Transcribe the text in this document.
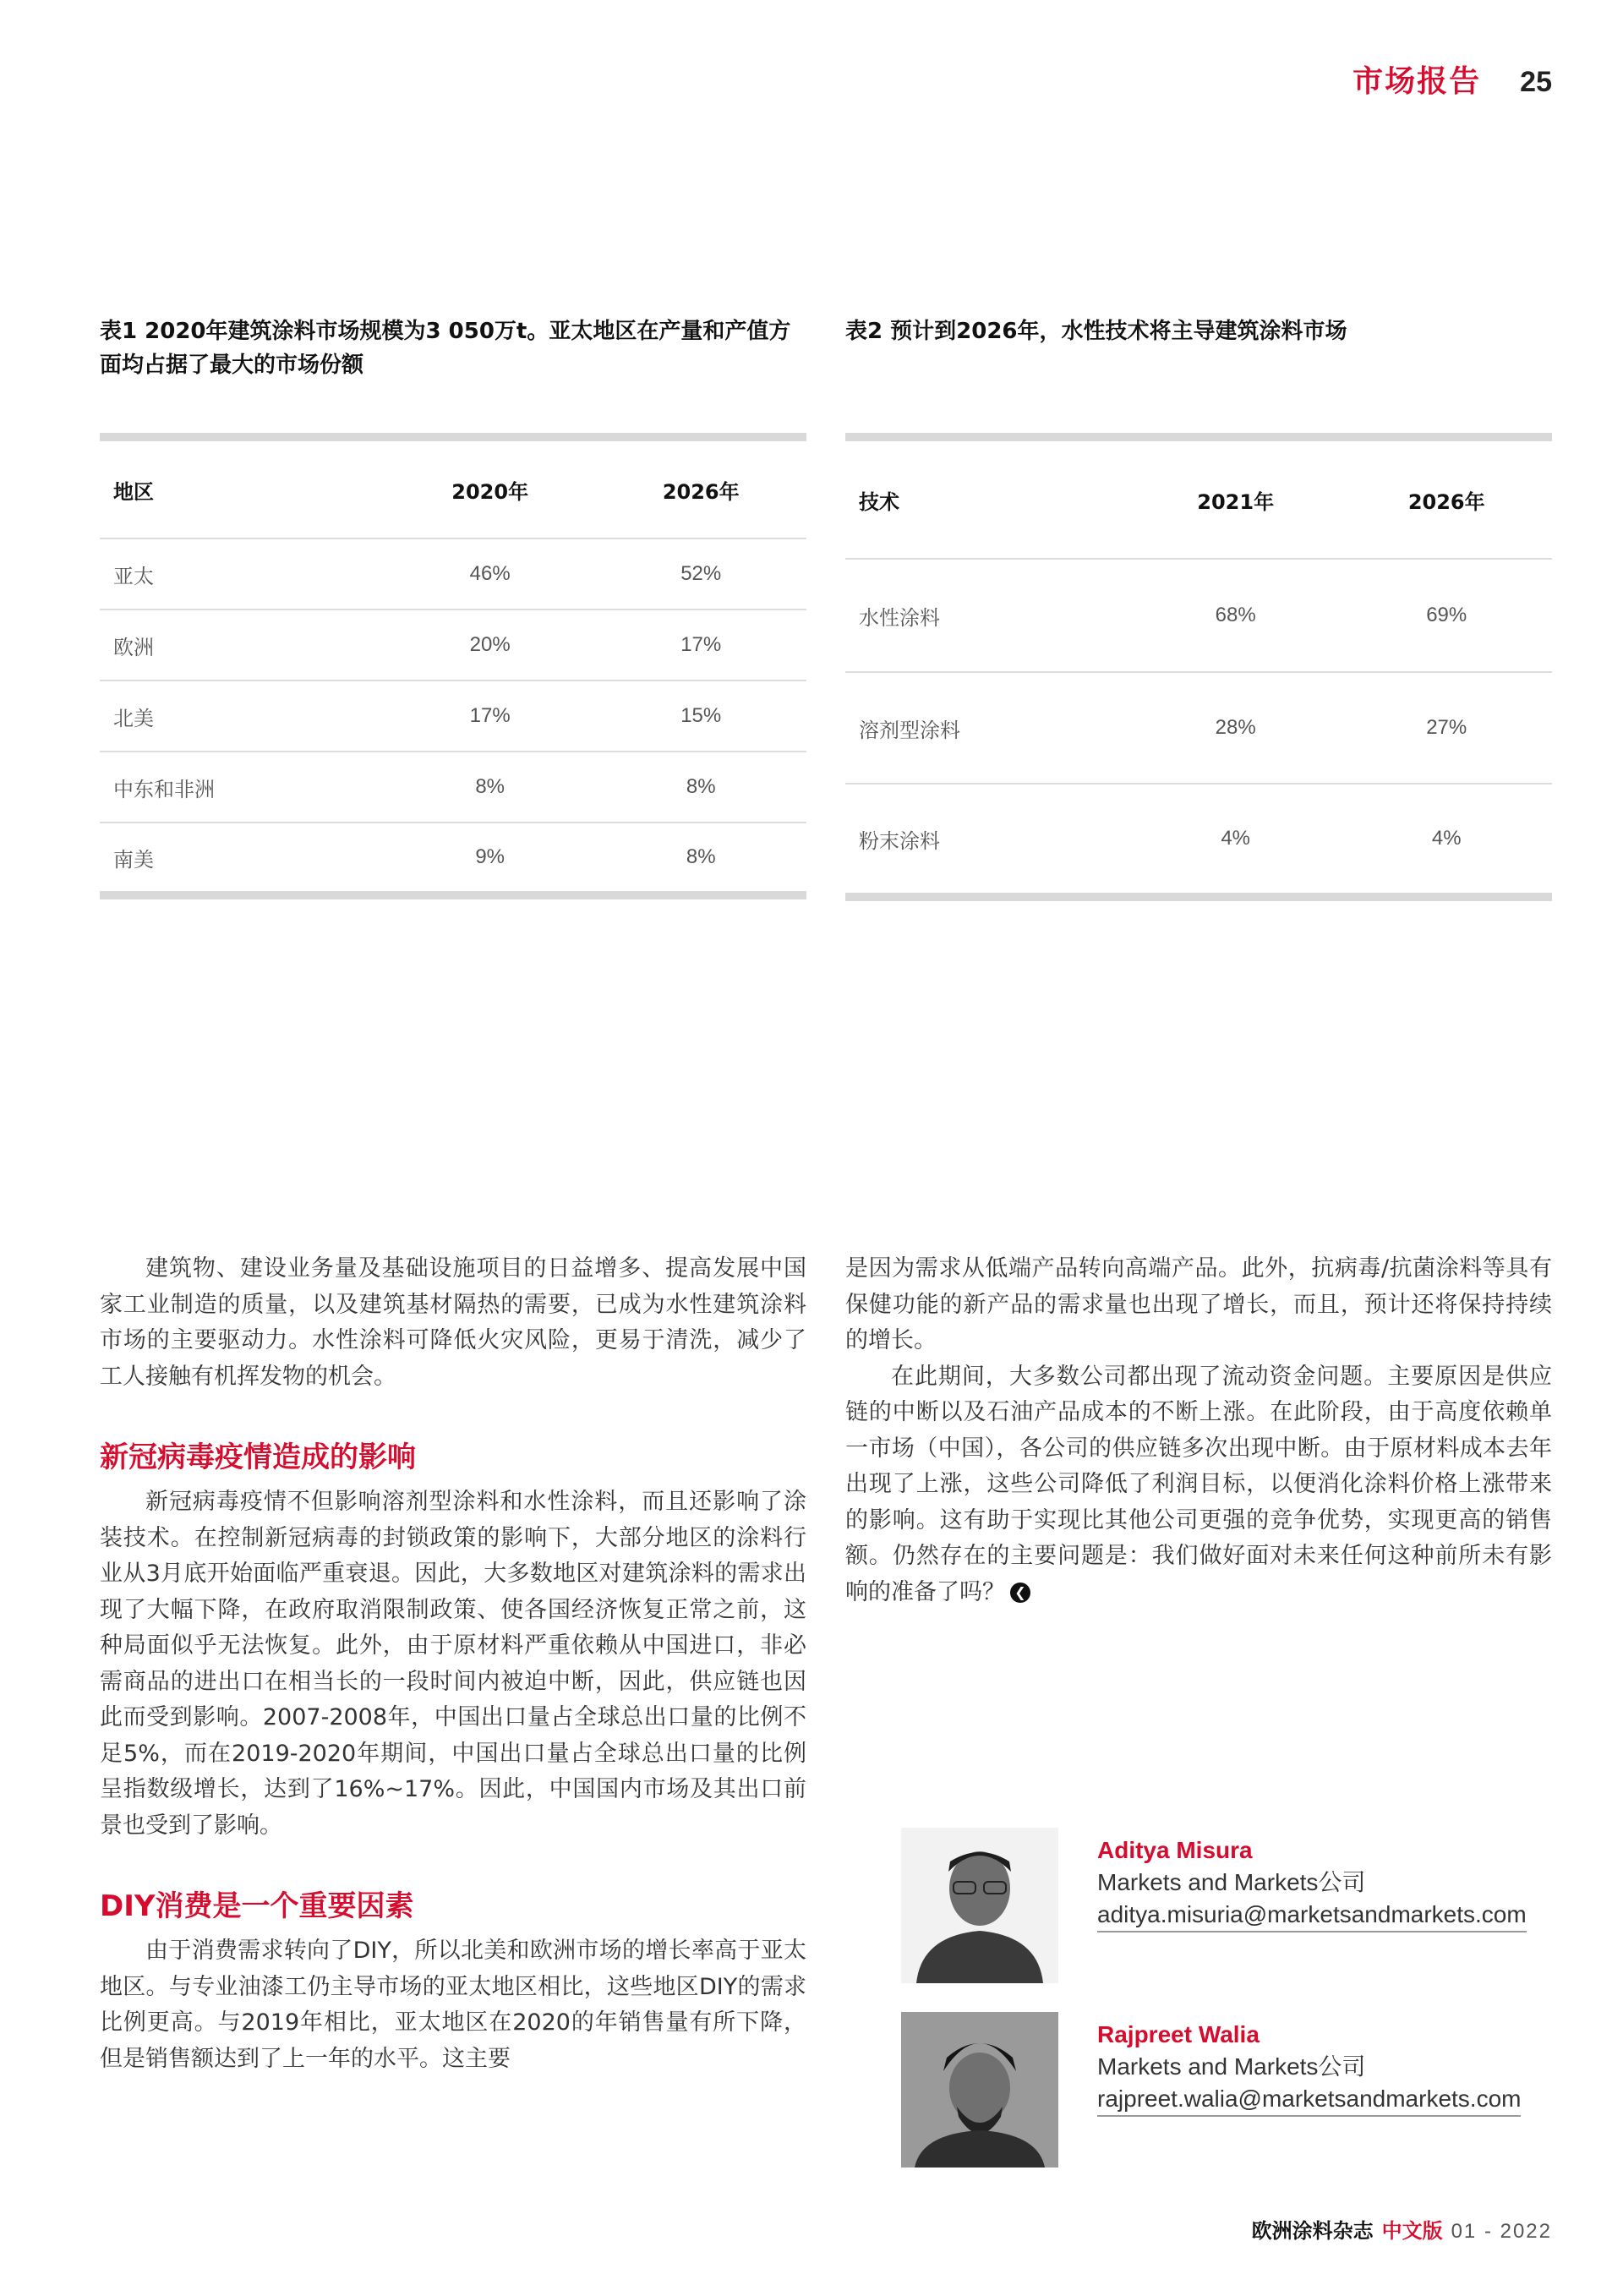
市场报告 25
表1 2020年建筑涂料市场规模为3 050万t。亚太地区在产量和产值方面均占据了最大的市场份额
地区	2020年	2026年
亚太	46%	52%
欧洲	20%	17%
北美	17%	15%
中东和非洲	8%	8%
南美	9%	8%
表2 预计到2026年，水性技术将主导建筑涂料市场
技术	2021年	2026年
水性涂料	68%	69%
溶剂型涂料	28%	27%
粉末涂料	4%	4%

建筑物、建设业务量及基础设施项目的日益增多、提高发展中国家工业制造的质量，以及建筑基材隔热的需要，已成为水性建筑涂料市场的主要驱动力。水性涂料可降低火灾风险，更易于清洗，减少了工人接触有机挥发物的机会。

新冠病毒疫情造成的影响

新冠病毒疫情不但影响溶剂型涂料和水性涂料，而且还影响了涂装技术。在控制新冠病毒的封锁政策的影响下，大部分地区的涂料行业从3月底开始面临严重衰退。因此，大多数地区对建筑涂料的需求出现了大幅下降，在政府取消限制政策、使各国经济恢复正常之前，这种局面似乎无法恢复。此外，由于原材料严重依赖从中国进口，非必需商品的进出口在相当长的一段时间内被迫中断，因此，供应链也因此而受到影响。2007-2008年，中国出口量占全球总出口量的比例不足5%，而在2019-2020年期间，中国出口量占全球总出口量的比例呈指数级增长，达到了16%~17%。因此，中国国内市场及其出口前景也受到了影响。

DIY消费是一个重要因素

由于消费需求转向了DIY，所以北美和欧洲市场的增长率高于亚太地区。与专业油漆工仍主导市场的亚太地区相比，这些地区DIY的需求比例更高。与2019年相比，亚太地区在2020的年销售量有所下降，但是销售额达到了上一年的水平。这主要

是因为需求从低端产品转向高端产品。此外，抗病毒/抗菌涂料等具有保健功能的新产品的需求量也出现了增长，而且，预计还将保持持续的增长。

在此期间，大多数公司都出现了流动资金问题。主要原因是供应链的中断以及石油产品成本的不断上涨。在此阶段，由于高度依赖单一市场（中国），各公司的供应链多次出现中断。由于原材料成本去年出现了上涨，这些公司降低了利润目标，以便消化涂料价格上涨带来的影响。这有助于实现比其他公司更强的竞争优势，实现更高的销售额。仍然存在的主要问题是：我们做好面对未来任何这种前所未有影响的准备了吗？ ❮

Aditya Misura
Markets and Markets公司
aditya.misuria@marketsandmarkets.com
Rajpreet Walia
Markets and Markets公司
rajpreet.walia@marketsandmarkets.com
欧洲涂料杂志 中文版 01 - 2022
